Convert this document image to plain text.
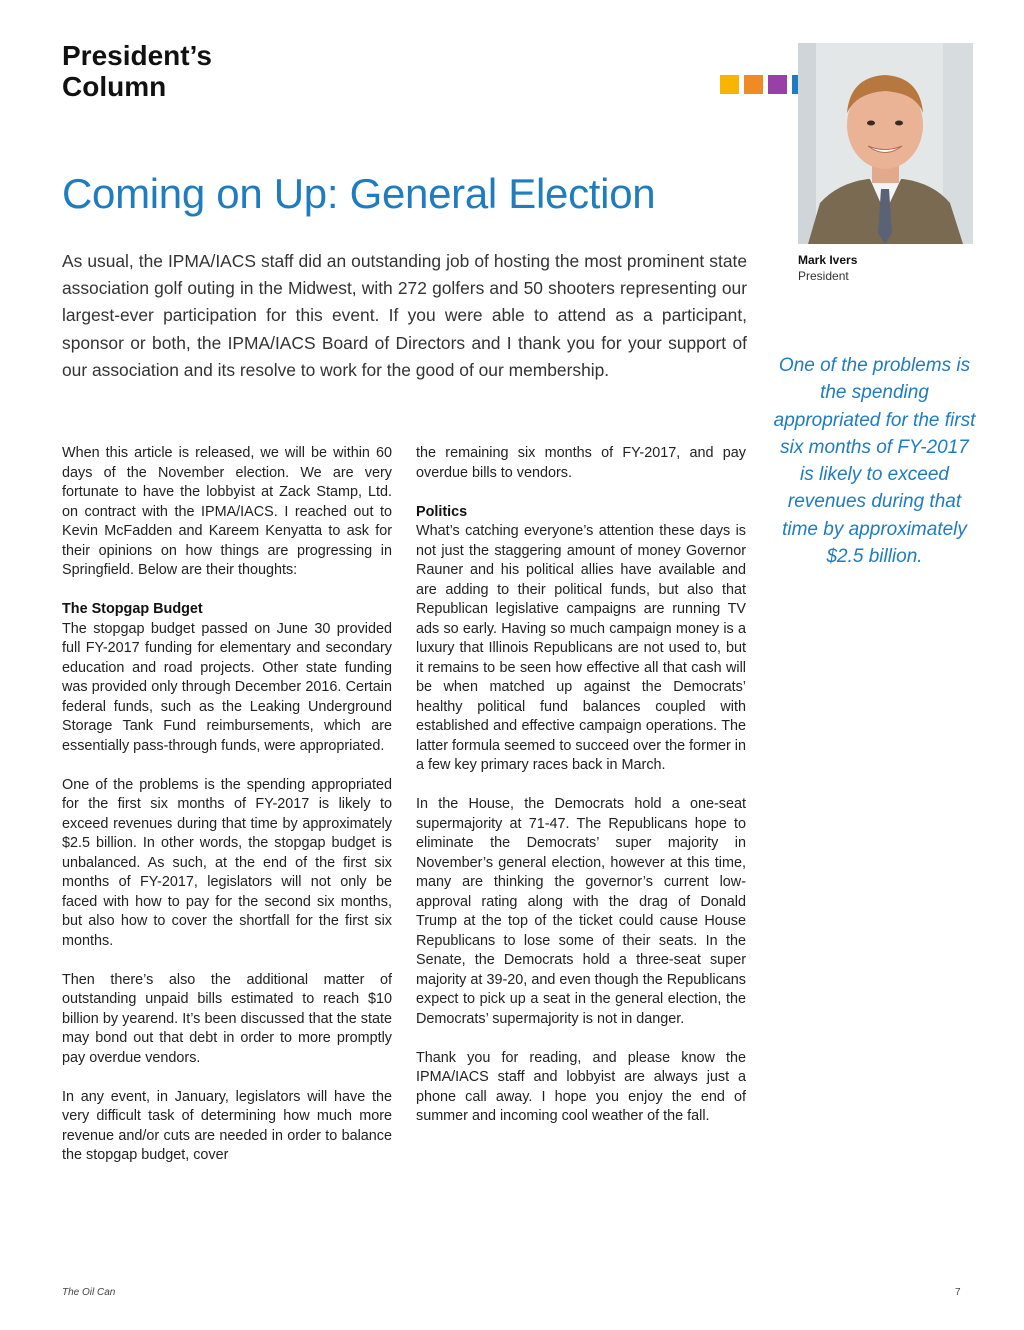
President’s
Column
Mark Ivers
President
Coming on Up: General Election

As usual, the IPMA/IACS staff did an outstanding job of hosting the most prominent state association golf outing in the Midwest, with 272 golfers and 50 shooters representing our largest-ever participation for this event. If you were able to attend as a participant, sponsor or both, the IPMA/IACS Board of Directors and I thank you for your support of our association and its resolve to work for the good of our membership.	One of the problems is the spending appropriated for the first six months of FY-2017 is likely to exceed revenues during that time by approximately $2.5 billion.

When this article is released, we will be within 60 days of the November election. We are very fortunate to have the lobbyist at Zack Stamp, Ltd. on contract with the IPMA/IACS. I reached out to Kevin McFadden and Kareem Kenyatta to ask for their opinions on how things are progressing in Springfield. Below are their thoughts:

The Stopgap Budget

The stopgap budget passed on June 30 provided full FY-2017 funding for elementary and secondary education and road projects. Other state funding was provided only through December 2016. Certain federal funds, such as the Leaking Underground Storage Tank Fund reimbursements, which are essentially pass-through funds, were appropriated.

One of the problems is the spending appropriated for the first six months of FY-2017 is likely to exceed revenues during that time by approximately $2.5 billion. In other words, the stopgap budget is unbalanced. As such, at the end of the first six months of FY-2017, legislators will not only be faced with how to pay for the second six months, but also how to cover the shortfall for the first six months.

Then there’s also the additional matter of outstanding unpaid bills estimated to reach $10 billion by yearend. It’s been discussed that the state may bond out that debt in order to more promptly pay overdue vendors.

In any event, in January, legislators will have the very difficult task of determining how much more revenue and/or cuts are needed in order to balance the stopgap budget, cover

the remaining six months of FY-2017, and pay overdue bills to vendors.

Politics

What’s catching everyone’s attention these days is not just the staggering amount of money Governor Rauner and his political allies have available and are adding to their political funds, but also that Republican legislative campaigns are running TV ads so early. Having so much campaign money is a luxury that Illinois Republicans are not used to, but it remains to be seen how effective all that cash will be when matched up against the Democrats’ healthy political fund balances coupled with established and effective campaign operations. The latter formula seemed to succeed over the former in a few key primary races back in March.

In the House, the Democrats hold a one-seat supermajority at 71-47. The Republicans hope to eliminate the Democrats’ super majority in November’s general election, however at this time, many are thinking the governor’s current low-approval rating along with the drag of Donald Trump at the top of the ticket could cause House Republicans to lose some of their seats. In the Senate, the Democrats hold a three-seat super majority at 39-20, and even though the Republicans expect to pick up a seat in the general election, the Democrats’ supermajority is not in danger.

Thank you for reading, and please know the IPMA/IACS staff and lobbyist are always just a phone call away. I hope you enjoy the end of summer and incoming cool weather of the fall.

The Oil Can	7
